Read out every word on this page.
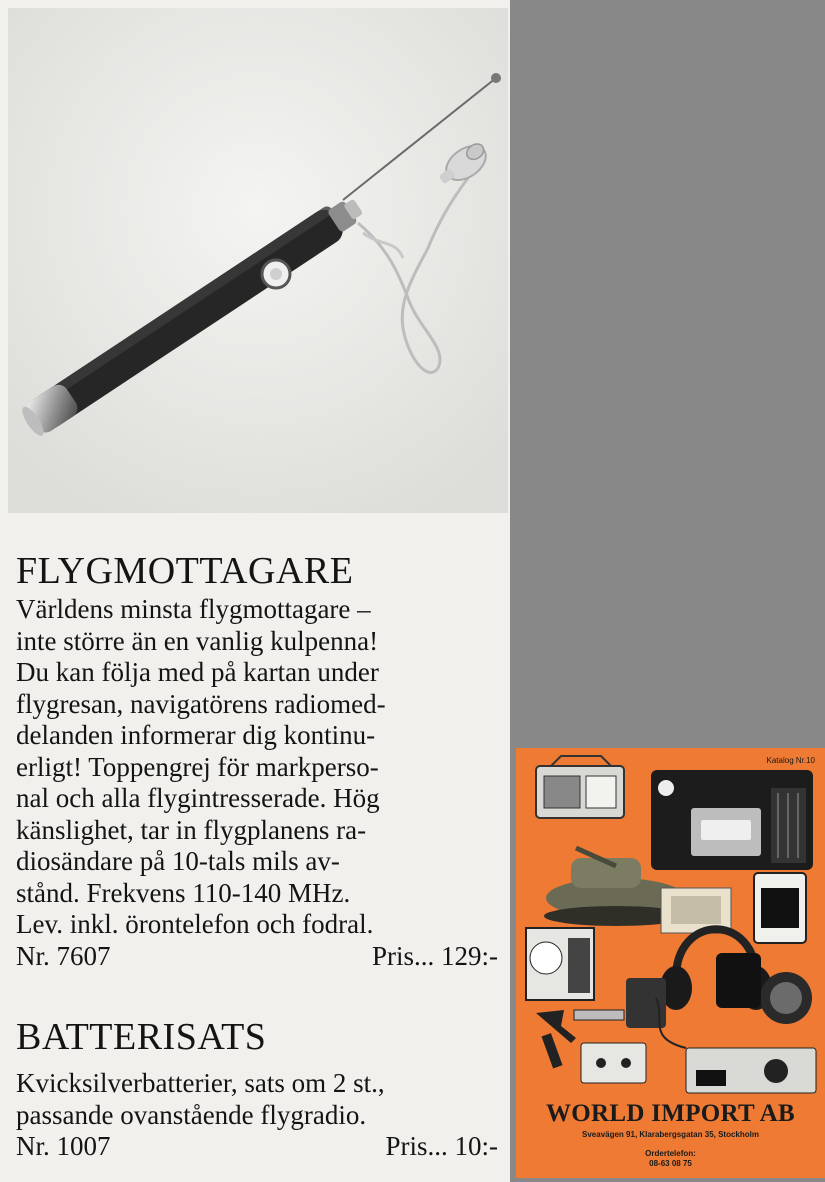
FLYGMOTTAGARE

Världens minsta flygmottagare –

inte större än en vanlig kulpenna!

Du kan följa med på kartan under

flygresan, navigatörens radiomed-

delanden informerar dig kontinu-

erligt! Toppengrej för markperso-

nal och alla flygintresserade. Hög

känslighet, tar in flygplanens ra-

diosändare på 10-tals mils av-

stånd. Frekvens 110-140 MHz.

Lev. inkl. örontelefon och fodral.

Nr. 7607	Pris... 129:-
BATTERISATS

Kvicksilverbatterier, sats om 2 st.,

passande ovanstående flygradio.

Nr. 1007	Pris... 10:-
Katalog Nr.10
WORLD IMPORT AB
Sveavägen 91, Klarabergsgatan 35, Stockholm
Ordertelefon:
08-63 08 75
